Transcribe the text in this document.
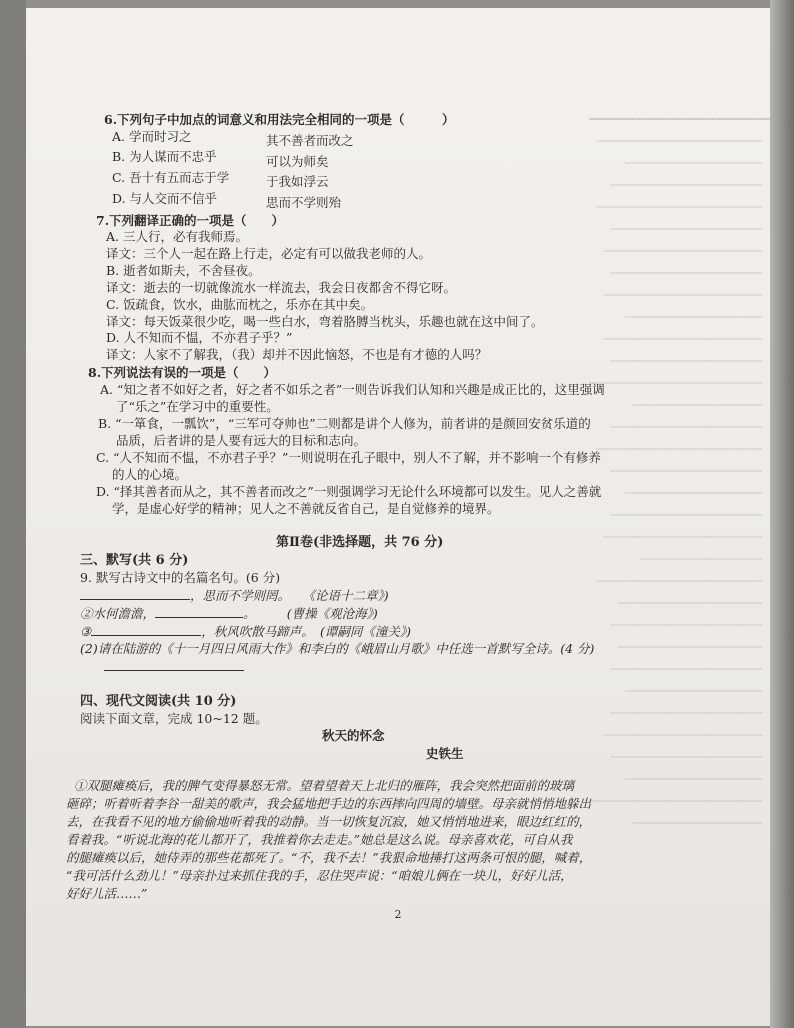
━━━━━━━━━━━━━━━━━━━━━━━━━
───────────────────────
───────────────────
─────────────────────
───────────────────────
─────────────────────
──────────────────────
─────────────────────
──────────────────────
───────────────────
──────────────────────
─────────────────────
────────────────────────
──────────────────
─────────────────────
───────────────────────
─────────────────────
───────────────────
─────────────────────
──────────────────────
─────────────────
───────────────────────
────────────────────
─────────────────────
────────────────────
─────────────────────
───────────────────
─────────────────────
──────────────────────
─────────────────────
───────────────────
────────────────────────
──────────────────
6.下列句子中加点的词意义和用法完全相同的一项是（　　　）
A. 学而时习之	其不善者而改之
B. 为人谋而不忠乎	可以为师矣
C. 吾十有五而志于学	于我如浮云
D. 与人交而不信乎	思而不学则殆
7.下列翻译正确的一项是（　　）
A. 三人行，必有我师焉。
译文：三个人一起在路上行走，必定有可以做我老师的人。
B. 逝者如斯夫，不舍昼夜。
译文：逝去的一切就像流水一样流去，我会日夜都舍不得它呀。
C. 饭疏食，饮水，曲肱而枕之，乐亦在其中矣。
译文：每天饭菜很少吃，喝一些白水，弯着胳膊当枕头，乐趣也就在这中间了。
D. 人不知而不愠，不亦君子乎？”
译文：人家不了解我，（我）却并不因此恼怒，不也是有才德的人吗？
8.下列说法有误的一项是（　　）
A. “知之者不如好之者，好之者不如乐之者”一则告诉我们认知和兴趣是成正比的，这里强调
了“乐之”在学习中的重要性。
B. “一箪食，一瓢饮”，“三军可夺帅也”二则都是讲个人修为，前者讲的是颜回安贫乐道的
品质，后者讲的是人要有远大的目标和志向。
C. “人不知而不愠，不亦君子乎？”一则说明在孔子眼中，别人不了解，并不影响一个有修养
的人的心境。
D. “择其善者而从之，其不善者而改之”一则强调学习无论什么环境都可以发生。见人之善就
学，是虚心好学的精神；见人之不善就反省自己，是自觉修养的境界。
第Ⅱ卷(非选择题，共 76 分)
三、默写(共 6 分)
9. 默写古诗文中的名篇名句。(6 分)
，思而不学则罔。　　《论语十二章》)
②水何澹澹，	。　　　(曹操《观沧海》)
③	，秋风吹散马蹄声。　(谭嗣同《潼关》)
(2)请在陆游的《十一月四日风雨大作》和李白的《峨眉山月歌》中任选一首默写全诗。(4 分)
四、现代文阅读(共 10 分)
阅读下面文章，完成 10~12 题。
秋天的怀念
史铁生
①双腿瘫痪后，我的脾气变得暴怒无常。望着望着天上北归的雁阵，我会突然把面前的玻璃
砸碎；听着听着李谷一甜美的歌声，我会猛地把手边的东西摔向四周的墙壁。母亲就悄悄地躲出
去，在我看不见的地方偷偷地听着我的动静。当一切恢复沉寂，她又悄悄地进来，眼边红红的，
看着我。“听说北海的花儿都开了，我推着你去走走。”她总是这么说。母亲喜欢花，可自从我
的腿瘫痪以后，她侍弄的那些花都死了。“不，我不去！”我狠命地捶打这两条可恨的腿，喊着，
“我可活什么劲儿！”母亲扑过来抓住我的手，忍住哭声说：“咱娘儿俩在一块儿，好好儿活，
好好儿活……”
2
